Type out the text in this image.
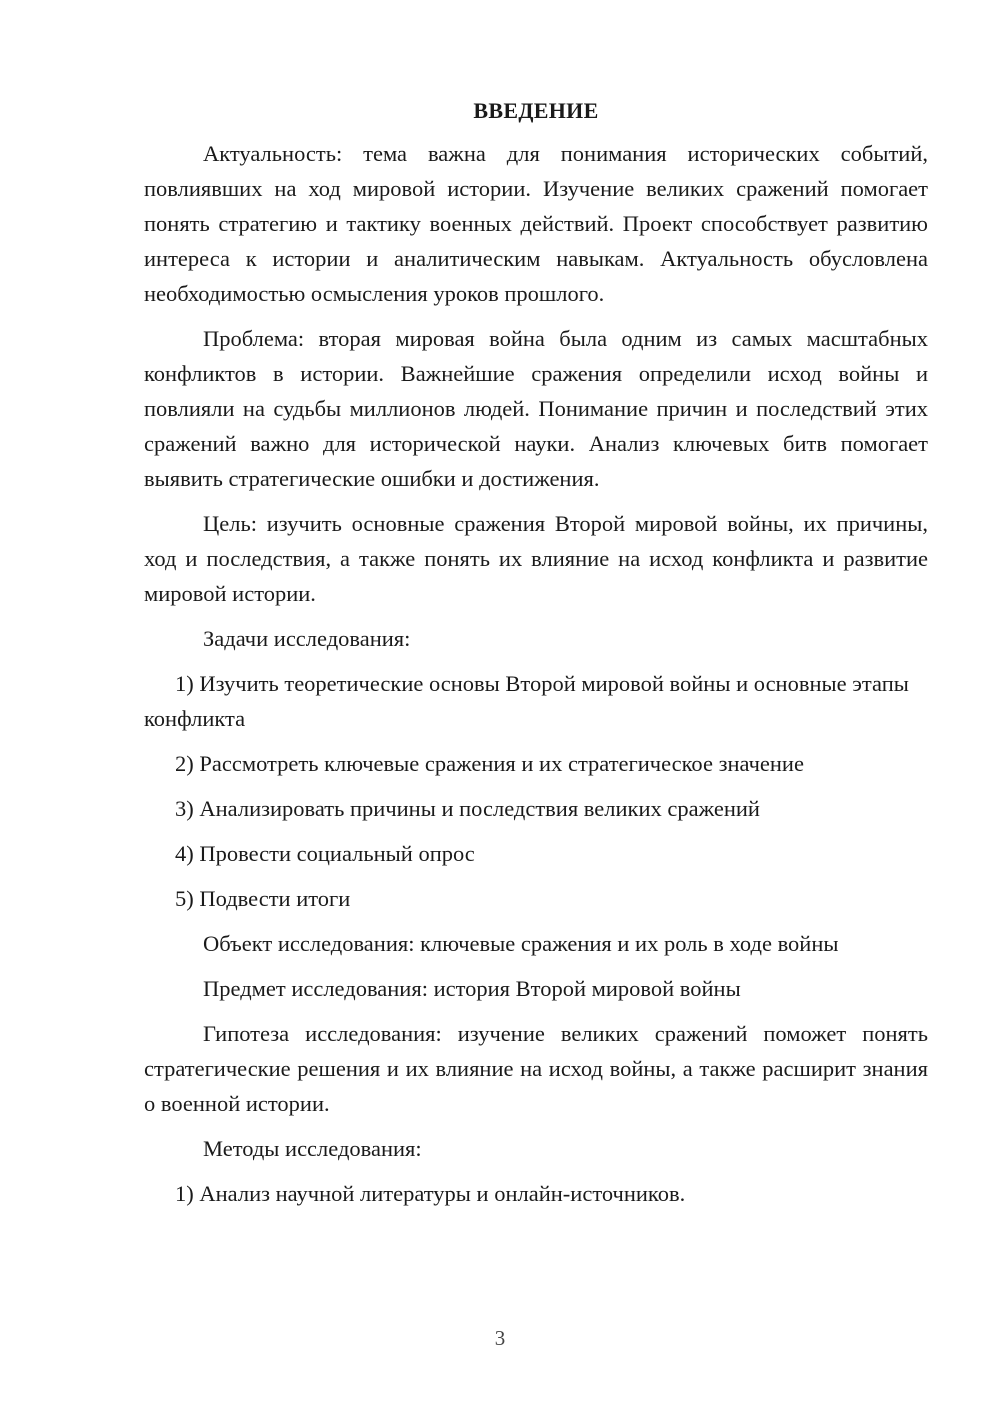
ВВЕДЕНИЕ

Актуальность: тема важна для понимания исторических событий, повлиявших на ход мировой истории. Изучение великих сражений помогает понять стратегию и тактику военных действий. Проект способствует развитию интереса к истории и аналитическим навыкам. Актуальность обусловлена необходимостью осмысления уроков прошлого.

Проблема: вторая мировая война была одним из самых масштабных конфликтов в истории. Важнейшие сражения определили исход войны и повлияли на судьбы миллионов людей. Понимание причин и последствий этих сражений важно для исторической науки. Анализ ключевых битв помогает выявить стратегические ошибки и достижения.

Цель: изучить основные сражения Второй мировой войны, их причины, ход и последствия, а также понять их влияние на исход конфликта и развитие мировой истории.

Задачи исследования:

1) Изучить теоретические основы Второй мировой войны и основные этапы конфликта

2) Рассмотреть ключевые сражения и их стратегическое значение

3) Анализировать причины и последствия великих сражений

4) Провести социальный опрос

5) Подвести итоги

Объект исследования: ключевые сражения и их роль в ходе войны

Предмет исследования: история Второй мировой войны

Гипотеза исследования: изучение великих сражений поможет понять стратегические решения и их влияние на исход войны, а также расширит знания о военной истории.

Методы исследования:

1) Анализ научной литературы и онлайн-источников.

3
